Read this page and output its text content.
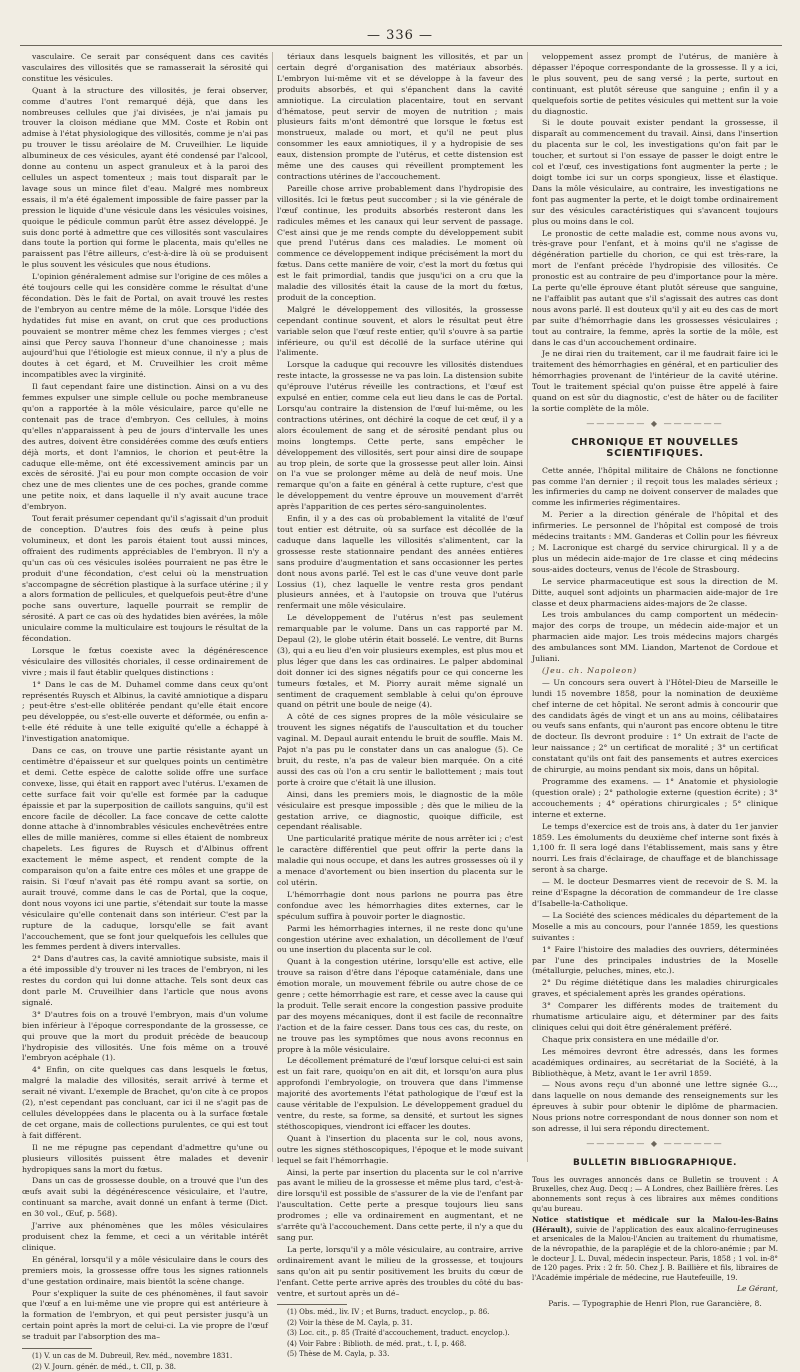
— 336 —

vasculaire. Ce serait par conséquent dans ces cavités vasculaires des villosités que se ramasserait la sérosité qui constitue les vésicules.

Quant à la structure des villosités, je ferai observer, comme d'autres l'ont remarqué déjà, que dans les nombreuses cellules que j'ai divisées, je n'ai jamais pu trouver la cloison médiane que MM. Coste et Robin ont admise à l'état physiologique des villosités, comme je n'ai pas pu trouver le tissu aréolaire de M. Cruveilhier. Le liquide albumineux de ces vésicules, ayant été condensé par l'alcool, donne au contenu un aspect granuleux et à la paroi des cellules un aspect tomenteux ; mais tout disparaît par le lavage sous un mince filet d'eau. Malgré mes nombreux essais, il m'a été également impossible de faire passer par la pression le liquide d'une vésicule dans les vésicules voisines, quoique le pédicule commun parût être assez développé. Je suis donc porté à admettre que ces villosités sont vasculaires dans toute la portion qui forme le placenta, mais qu'elles ne paraissent pas l'être ailleurs, c'est-à-dire là où se produisent le plus souvent les vésicules que nous étudions.

L'opinion généralement admise sur l'origine de ces môles a été toujours celle qui les considère comme le résultat d'une fécondation. Dès le fait de Portal, on avait trouvé les restes de l'embryon au centre même de la môle. Lorsque l'idée des hydatides fut mise en avant, on crut que ces productions pouvaient se montrer même chez les femmes vierges ; c'est ainsi que Percy sauva l'honneur d'une chanoinesse ; mais aujourd'hui que l'étiologie est mieux connue, il n'y a plus de doutes à cet égard, et M. Cruveilhier les croit même incompatibles avec la virginité.

Il faut cependant faire une distinction. Ainsi on a vu des femmes expulser une simple cellule ou poche membraneuse qu'on a rapportée à la môle vésiculaire, parce qu'elle ne contenait pas de trace d'embryon. Ces cellules, à moins qu'elles n'apparaissent à peu de jours d'intervalle les unes des autres, doivent être considérées comme des œufs entiers déjà morts, et dont l'amnios, le chorion et peut-être la caduque elle-même, ont été excessivement amincis par un excès de sérosité. J'ai eu pour mon compte occasion de voir chez une de mes clientes une de ces poches, grande comme une petite noix, et dans laquelle il n'y avait aucune trace d'embryon.

Tout ferait présumer cependant qu'il s'agissait d'un produit de conception. D'autres fois des œufs à peine plus volumineux, et dont les parois étaient tout aussi minces, offraient des rudiments appréciables de l'embryon. Il n'y a qu'un cas où ces vésicules isolées pourraient ne pas être le produit d'une fécondation, c'est celui où la menstruation s'accompagne de sécrétion plastique à la surface utérine ; il y a alors formation de pellicules, et quelquefois peut-être d'une poche sans ouverture, laquelle pourrait se remplir de sérosité. A part ce cas où des hydatides bien avérées, la môle uniculaire comme la multiculaire est toujours le résultat de la fécondation.

Lorsque le fœtus coexiste avec la dégénérescence vésiculaire des villosités choriales, il cesse ordinairement de vivre ; mais il faut établir quelques distinctions :

1° Dans le cas de M. Duhamel comme dans ceux qu'ont représentés Ruysch et Albinus, la cavité amniotique a disparu ; peut-être s'est-elle oblitérée pendant qu'elle était encore peu développée, ou s'est-elle ouverte et déformée, ou enfin a-t-elle été réduite à une telle exiguïté qu'elle a échappé à l'investigation anatomique.

Dans ce cas, on trouve une partie résistante ayant un centimètre d'épaisseur et sur quelques points un centimètre et demi. Cette espèce de calotte solide offre une surface convexe, lisse, qui était en rapport avec l'utérus. L'examen de cette surface fait voir qu'elle est formée par la caduque épaissie et par la superposition de caillots sanguins, qu'il est encore facile de décoller. La face concave de cette calotte donne attache à d'innombrables vésicules enchevêtrées entre elles de mille manières, comme si elles étaient de nombreux chapelets. Les figures de Ruysch et d'Albinus offrent exactement le même aspect, et rendent compte de la comparaison qu'on a faite entre ces môles et une grappe de raisin. Si l'œuf n'avait pas été rompu avant sa sortie, on aurait trouvé, comme dans le cas de Portal, que la coque, dont nous voyons ici une partie, s'étendait sur toute la masse vésiculaire qu'elle contenait dans son intérieur. C'est par la rupture de la caduque, lorsqu'elle se fait avant l'accouchement, que se font jour quelquefois les cellules que les femmes perdent à divers intervalles.

2° Dans d'autres cas, la cavité amniotique subsiste, mais il a été impossible d'y trouver ni les traces de l'embryon, ni les restes du cordon qui lui donne attache. Tels sont deux cas dont parle M. Cruveilhier dans l'article que nous avons signalé.

3° D'autres fois on a trouvé l'embryon, mais d'un volume bien inférieur à l'époque correspondante de la grossesse, ce qui prouve que la mort du produit précède de beaucoup l'hydropisie des villosités. Une fois même on a trouvé l'embryon acéphale (1).

4° Enfin, on cite quelques cas dans lesquels le fœtus, malgré la maladie des villosités, serait arrivé à terme et serait né vivant. L'exemple de Brachet, qu'on cite à ce propos (2), n'est cependant pas concluant, car ici il ne s'agit pas de cellules développées dans le placenta ou à la surface fœtale de cet organe, mais de collections purulentes, ce qui est tout à fait différent.

Il ne me répugne pas cependant d'admettre qu'une ou plusieurs villosités puissent être malades et devenir hydropiques sans la mort du fœtus.

Dans un cas de grossesse double, on a trouvé que l'un des œufs avait subi la dégénérescence vésiculaire, et l'autre, continuant sa marche, avait donné un enfant à terme (Dict. en 30 vol., Œuf, p. 568).

J'arrive aux phénomènes que les môles vésiculaires produisent chez la femme, et ceci a un véritable intérêt clinique.

En général, lorsqu'il y a môle vésiculaire dans le cours des premiers mois, la grossesse offre tous les signes rationnels d'une gestation ordinaire, mais bientôt la scène change.

Pour s'expliquer la suite de ces phénomènes, il faut savoir que l'œuf a en lui-même une vie propre qui est antérieure à la formation de l'embryon, et qui peut persister jusqu'à un certain point après la mort de celui-ci. La vie propre de l'œuf se traduit par l'absorption des ma–

(1) V. un cas de M. Dubreuil, Rev. méd., novembre 1831.

(2) V. Journ. génér. de méd., t. CII, p. 38.

tériaux dans lesquels baignent les villosités, et par un certain degré d'organisation des matériaux absorbés. L'embryon lui-même vit et se développe à la faveur des produits absorbés, et qui s'épanchent dans la cavité amniotique. La circulation placentaire, tout en servant d'hématose, peut servir de moyen de nutrition ; mais plusieurs faits m'ont démontré que lorsque le fœtus est monstrueux, malade ou mort, et qu'il ne peut plus consommer les eaux amniotiques, il y a hydropisie de ses eaux, distension prompte de l'utérus, et cette distension est même une des causes qui réveillent promptement les contractions utérines de l'accouchement.

Pareille chose arrive probablement dans l'hydropisie des villosités. Ici le fœtus peut succomber ; si la vie générale de l'œuf continue, les produits absorbés resteront dans les radicules mêmes et les canaux qui leur servent de passage. C'est ainsi que je me rends compte du développement subit que prend l'utérus dans ces maladies. Le moment où commence ce développement indique précisément la mort du fœtus. Dans cette manière de voir, c'est la mort du fœtus qui est le fait primordial, tandis que jusqu'ici on a cru que la maladie des villosités était la cause de la mort du fœtus, produit de la conception.

Malgré le développement des villosités, la grossesse cependant continue souvent, et alors le résultat peut être variable selon que l'œuf reste entier, qu'il s'ouvre à sa partie inférieure, ou qu'il est décollé de la surface utérine qui l'alimente.

Lorsque la caduque qui recouvre les villosités distendues reste intacte, la grossesse ne va pas loin. La distension subite qu'éprouve l'utérus réveille les contractions, et l'œuf est expulsé en entier, comme cela eut lieu dans le cas de Portal. Lorsqu'au contraire la distension de l'œuf lui-même, ou les contractions utérines, ont déchiré la coque de cet œuf, il y a alors écoulement de sang et de sérosité pendant plus ou moins longtemps. Cette perte, sans empêcher le développement des villosités, sert pour ainsi dire de soupape au trop plein, de sorte que la grossesse peut aller loin. Ainsi on l'a vue se prolonger même au delà de neuf mois. Une remarque qu'on a faite en général à cette rupture, c'est que le développement du ventre éprouve un mouvement d'arrêt après l'apparition de ces pertes séro-sanguinolentes.

Enfin, il y a des cas où probablement la vitalité de l'œuf tout entier est détruite, où sa surface est décollée de la caduque dans laquelle les villosités s'alimentent, car la grossesse reste stationnaire pendant des années entières sans produire d'augmentation et sans occasionner les pertes dont nous avons parlé. Tel est le cas d'une veuve dont parle Lossius (1), chez laquelle le ventre resta gros pendant plusieurs années, et à l'autopsie on trouva que l'utérus renfermait une môle vésiculaire.

Le développement de l'utérus n'est pas seulement remarquable par le volume. Dans un cas rapporté par M. Depaul (2), le globe utérin était bosselé. Le ventre, dit Burns (3), qui a eu lieu d'en voir plusieurs exemples, est plus mou et plus léger que dans les cas ordinaires. Le palper abdominal doit donner ici des signes négatifs pour ce qui concerne les tumeurs fœtales, et M. Piorry aurait même signalé un sentiment de craquement semblable à celui qu'on éprouve quand on pétrit une boule de neige (4).

A côté de ces signes propres de la môle vésiculaire se trouvent les signes négatifs de l'auscultation et du toucher vaginal. M. Depaul aurait entendu le bruit de souffle. Mais M. Pajot n'a pas pu le constater dans un cas analogue (5). Ce bruit, du reste, n'a pas de valeur bien marquée. On a cité aussi des cas où l'on a cru sentir le ballottement ; mais tout porte à croire que c'était là une illusion.

Ainsi, dans les premiers mois, le diagnostic de la môle vésiculaire est presque impossible ; dès que le milieu de la gestation arrive, ce diagnostic, quoique difficile, est cependant réalisable.

Une particularité pratique mérite de nous arrêter ici ; c'est le caractère différentiel que peut offrir la perte dans la maladie qui nous occupe, et dans les autres grossesses où il y a menace d'avortement ou bien insertion du placenta sur le col utérin.

L'hémorrhagie dont nous parlons ne pourra pas être confondue avec les hémorrhagies dites externes, car le spéculum suffira à pouvoir porter le diagnostic.

Parmi les hémorrhagies internes, il ne reste donc qu'une congestion utérine avec exhalation, un décollement de l'œuf ou une insertion du placenta sur le col.

Quant à la congestion utérine, lorsqu'elle est active, elle trouve sa raison d'être dans l'époque cataméniale, dans une émotion morale, un mouvement fébrile ou autre chose de ce genre ; cette hémorrhagie est rare, et cesse avec la cause qui la produit. Telle serait encore la congestion passive produite par des moyens mécaniques, dont il est facile de reconnaître l'action et de la faire cesser. Dans tous ces cas, du reste, on ne trouve pas les symptômes que nous avons reconnus en propre à la môle vésiculaire.

Le décollement prématuré de l'œuf lorsque celui-ci est sain est un fait rare, quoiqu'on en ait dit, et lorsqu'on aura plus approfondi l'embryologie, on trouvera que dans l'immense majorité des avortements l'état pathologique de l'œuf est la cause véritable de l'expulsion. Le développement graduel du ventre, du reste, sa forme, sa densité, et surtout les signes stéthoscopiques, viendront ici effacer les doutes.

Quant à l'insertion du placenta sur le col, nous avons, outre les signes stéthoscopiques, l'époque et le mode suivant lequel se fait l'hémorrhagie.

Ainsi, la perte par insertion du placenta sur le col n'arrive pas avant le milieu de la grossesse et même plus tard, c'est-à-dire lorsqu'il est possible de s'assurer de la vie de l'enfant par l'auscultation. Cette perte a presque toujours lieu sans prodromes ; elle va ordinairement en augmentant, et ne s'arrête qu'à l'accouchement. Dans cette perte, il n'y a que du sang pur.

La perte, lorsqu'il y a môle vésiculaire, au contraire, arrive ordinairement avant le milieu de la grossesse, et toujours sans qu'on ait pu sentir positivement les bruits du cœur de l'enfant. Cette perte arrive après des troubles du côté du bas-ventre, et surtout après un dé–

(1) Obs. méd., liv. IV ; et Burns, traduct. encyclop., p. 86.

(2) Voir la thèse de M. Cayla, p. 31.

(3) Loc. cit., p. 85 (Traité d'accouchement, traduct. encyclop.).

(4) Voir Fabre : Biblioth. de méd. prat., t. I, p. 468.

(5) Thèse de M. Cayla, p. 33.

veloppement assez prompt de l'utérus, de manière à dépasser l'époque correspondante de la grossesse. Il y a ici, le plus souvent, peu de sang versé ; la perte, surtout en continuant, est plutôt séreuse que sanguine ; enfin il y a quelquefois sortie de petites vésicules qui mettent sur la voie du diagnostic.

Si le doute pouvait exister pendant la grossesse, il disparaît au commencement du travail. Ainsi, dans l'insertion du placenta sur le col, les investigations qu'on fait par le toucher, et surtout si l'on essaye de passer le doigt entre le col et l'œuf, ces investigations font augmenter la perte ; le doigt tombe ici sur un corps spongieux, lisse et élastique. Dans la môle vésiculaire, au contraire, les investigations ne font pas augmenter la perte, et le doigt tombe ordinairement sur des vésicules caractéristiques qui s'avancent toujours plus ou moins dans le col.

Le pronostic de cette maladie est, comme nous avons vu, très-grave pour l'enfant, et à moins qu'il ne s'agisse de dégénération partielle du chorion, ce qui est très-rare, la mort de l'enfant précède l'hydropisie des villosités. Ce pronostic est au contraire de peu d'importance pour la mère. La perte qu'elle éprouve étant plutôt séreuse que sanguine, ne l'affaiblit pas autant que s'il s'agissait des autres cas dont nous avons parlé. Il est douteux qu'il y ait eu des cas de mort par suite d'hémorrhagie dans les grossesses vésiculaires ; tout au contraire, la femme, après la sortie de la môle, est dans le cas d'un accouchement ordinaire.

Je ne dirai rien du traitement, car il me faudrait faire ici le traitement des hémorrhagies en général, et en particulier des hémorrhagies provenant de l'intérieur de la cavité utérine. Tout le traitement spécial qu'on puisse être appelé à faire quand on est sûr du diagnostic, c'est de hâter ou de faciliter la sortie complète de la môle.

—————— ◆ ——————
CHRONIQUE ET NOUVELLES SCIENTIFIQUES.

Cette année, l'hôpital militaire de Châlons ne fonctionne pas comme l'an dernier ; il reçoit tous les malades sérieux ; les infirmeries du camp ne doivent conserver de malades que comme les infirmeries régimentaires.

M. Perier a la direction générale de l'hôpital et des infirmeries. Le personnel de l'hôpital est composé de trois médecins traitants : MM. Ganderas et Collin pour les fiévreux ; M. Lacronique est chargé du service chirurgical. Il y a de plus un médecin aide-major de 1re classe et cinq médecins sous-aides docteurs, venus de l'école de Strasbourg.

Le service pharmaceutique est sous la direction de M. Ditte, auquel sont adjoints un pharmacien aide-major de 1re classe et deux pharmaciens aides-majors de 2e classe.

Les trois ambulances du camp comportent un médecin-major des corps de troupe, un médecin aide-major et un pharmacien aide major. Les trois médecins majors chargés des ambulances sont MM. Liandon, Martenot de Cordoue et Juliani.

(Jeu. ch. Napoleon)

— Un concours sera ouvert à l'Hôtel-Dieu de Marseille le lundi 15 novembre 1858, pour la nomination de deuxième chef interne de cet hôpital. Ne seront admis à concourir que des candidats âgés de vingt et un ans au moins, célibataires ou veufs sans enfants, qui n'auront pas encore obtenu le titre de docteur. Ils devront produire : 1° Un extrait de l'acte de leur naissance ; 2° un certificat de moralité ; 3° un certificat constatant qu'ils ont fait des pansements et autres exercices de chirurgie, au moins pendant six mois, dans un hôpital.

Programme des examens. — 1° Anatomie et physiologie (question orale) ; 2° pathologie externe (question écrite) ; 3° accouchements ; 4° opérations chirurgicales ; 5° clinique interne et externe.

Le temps d'exercice est de trois ans, à dater du 1er janvier 1859. Les émoluments du deuxième chef interne sont fixés à 1,100 fr. Il sera logé dans l'établissement, mais sans y être nourri. Les frais d'éclairage, de chauffage et de blanchissage seront à sa charge.

— M. le docteur Desmarres vient de recevoir de S. M. la reine d'Espagne la décoration de commandeur de 1re classe d'Isabelle-la-Catholique.

— La Société des sciences médicales du département de la Moselle a mis au concours, pour l'année 1859, les questions suivantes :

1° Faire l'histoire des maladies des ouvriers, déterminées par l'une des principales industries de la Moselle (métallurgie, peluches, mines, etc.).

2° Du régime diététique dans les maladies chirurgicales graves, et spécialement après les grandes opérations.

3° Comparer les différents modes de traitement du rhumatisme articulaire aigu, et déterminer par des faits cliniques celui qui doit être généralement préféré.

Chaque prix consistera en une médaille d'or.

Les mémoires devront être adressés, dans les formes académiques ordinaires, au secrétariat de la Société, à la Bibliothèque, à Metz, avant le 1er avril 1859.

— Nous avons reçu d'un abonné une lettre signée G..., dans laquelle on nous demande des renseignements sur les épreuves à subir pour obtenir le diplôme de pharmacien. Nous prions notre correspondant de nous donner son nom et son adresse, il lui sera répondu directement.

—————— ◆ ——————
BULLETIN BIBLIOGRAPHIQUE.

Tous les ouvrages annoncés dans ce Bulletin se trouvent : A Bruxelles, chez Aug. Decq ; — A Londres, chez Baillière frères. Les abonnements sont reçus à ces libraires aux mêmes conditions qu'au bureau.

Notice statistique et médicale sur la Malou-les-Bains (Hérault), suivie de l'application des eaux alcalino-ferrugineuses et arsenicales de la Malou-l'Ancien au traitement du rhumatisme, de la névropathie, de la paraplégie et de la chloro-anémie ; par M. le docteur J. L. Duval, médecin inspecteur. Paris, 1858 ; 1 vol. in-8° de 120 pages. Prix : 2 fr. 50. Chez J. B. Baillière et fils, libraires de l'Académie impériale de médecine, rue Hautefeuille, 19.

Le Gérant,
Paris. — Typographie de Henri Plon, rue Garancière, 8.
